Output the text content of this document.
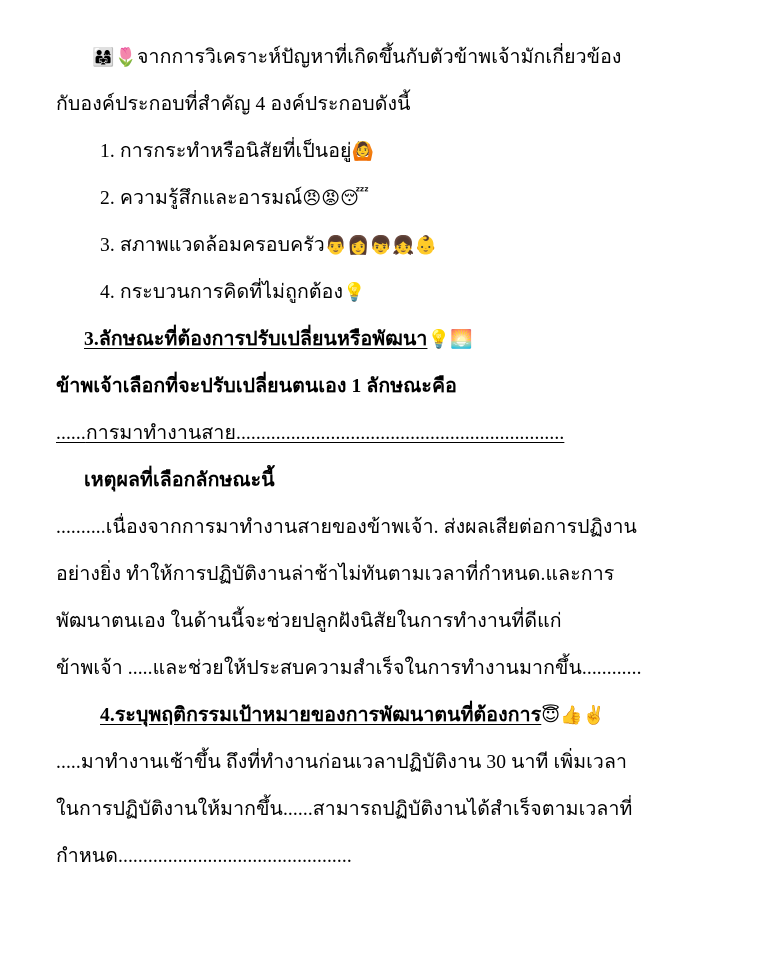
👨‍👩‍👧🌷จากการวิเคราะห์ปัญหาที่เกิดขึ้นกับตัวข้าพเจ้ามักเกี่ยวข้อง
กับองค์ประกอบที่สำคัญ 4 องค์ประกอบดังนี้
1. การกระทำหรือนิสัยที่เป็นอยู่🙆
2. ความรู้สึกและอารมณ์😠😡😴
3. สภาพแวดล้อมครอบครัว👨👩👦👧👶
4. กระบวนการคิดที่ไม่ถูกต้อง💡
3.ลักษณะที่ต้องการปรับเปลี่ยนหรือพัฒนา💡🌅
ข้าพเจ้าเลือกที่จะปรับเปลี่ยนตนเอง 1 ลักษณะคือ
......การมาทำงานสาย..................................................................
เหตุผลที่เลือกลักษณะนี้
..........เนื่องจากการมาทำงานสายของข้าพเจ้า. ส่งผลเสียต่อการปฏิงาน
อย่างยิ่ง ทำให้การปฏิบัติงานล่าช้าไม่ทันตามเวลาที่กำหนด.และการ
พัฒนาตนเอง ในด้านนี้จะช่วยปลูกฝังนิสัยในการทำงานที่ดีแก่
ข้าพเจ้า .....และช่วยให้ประสบความสำเร็จในการทำงานมากขึ้น............
4.ระบุพฤติกรรมเป้าหมายของการพัฒนาตนที่ต้องการ😇👍✌️
.....มาทำงานเช้าขึ้น ถึงที่ทำงานก่อนเวลาปฏิบัติงาน 30 นาที เพิ่มเวลา
ในการปฏิบัติงานให้มากขึ้น......สามารถปฏิบัติงานได้สำเร็จตามเวลาที่
กำหนด...............................................
